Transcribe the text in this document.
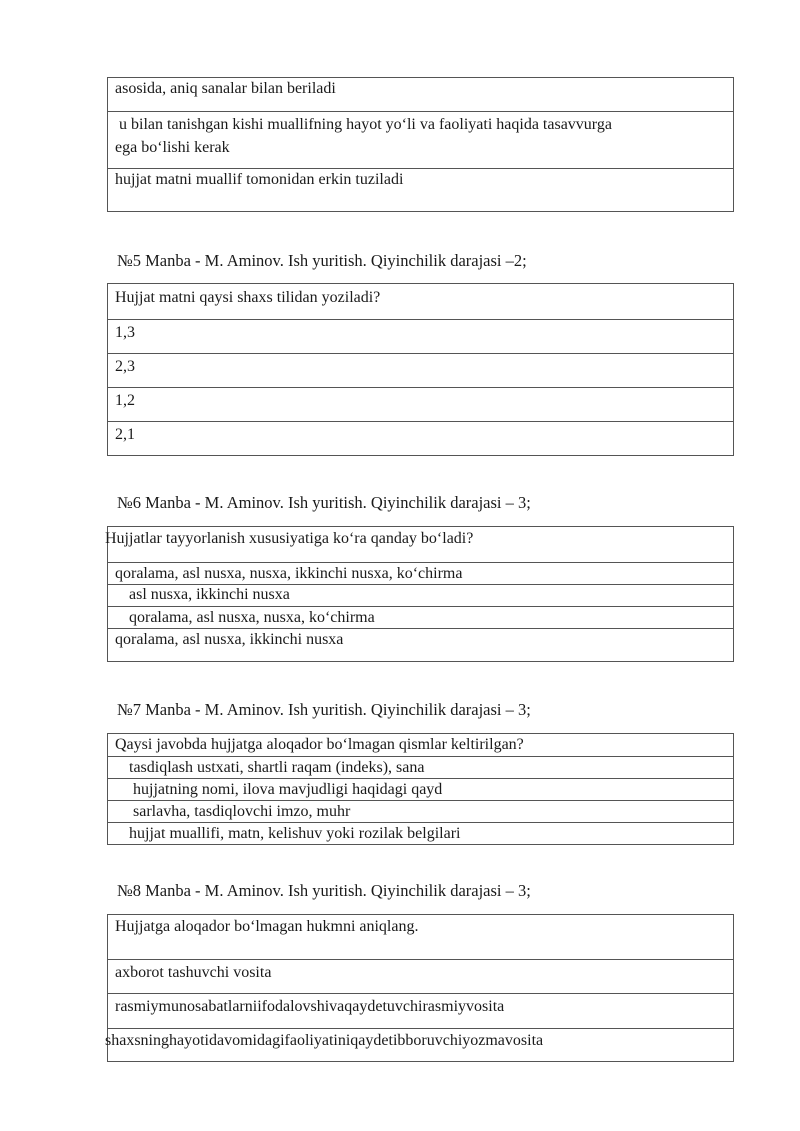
asosida, aniq sanalar bilan beriladi
u bilan tanishgan kishi muallifning hayot yo‘li va faoliyati haqida tasavvurga
ega bo‘lishi kerak
hujjat matni muallif tomonidan erkin tuziladi
№5 Manba - M. Aminov. Ish yuritish. Qiyinchilik darajasi –2;
Hujjat matni qaysi shaxs tilidan yoziladi?
1,3
2,3
1,2
2,1
№6 Manba - M. Aminov. Ish yuritish. Qiyinchilik darajasi – 3;
Hujjatlar tayyorlanish xususiyatiga ko‘ra qanday bo‘ladi?
qoralama, asl nusxa, nusxa, ikkinchi nusxa, ko‘chirma
asl nusxa, ikkinchi nusxa
qoralama, asl nusxa, nusxa, ko‘chirma
qoralama, asl nusxa, ikkinchi nusxa
№7 Manba - M. Aminov. Ish yuritish. Qiyinchilik darajasi – 3;
Qaysi javobda hujjatga aloqador bo‘lmagan qismlar keltirilgan?
tasdiqlash ustxati, shartli raqam (indeks), sana
hujjatning nomi, ilova mavjudligi haqidagi qayd
sarlavha, tasdiqlovchi imzo, muhr
hujjat muallifi, matn, kelishuv yoki rozilak belgilari
№8 Manba - M. Aminov. Ish yuritish. Qiyinchilik darajasi – 3;
Hujjatga aloqador bo‘lmagan hukmni aniqlang.
axborot tashuvchi vosita
rasmiymunosabatlarniifodalovshivaqaydetuvchirasmiyvosita
shaxsninghayotidavomidagifaoliyatiniqaydetibboruvchiyozmavosita
